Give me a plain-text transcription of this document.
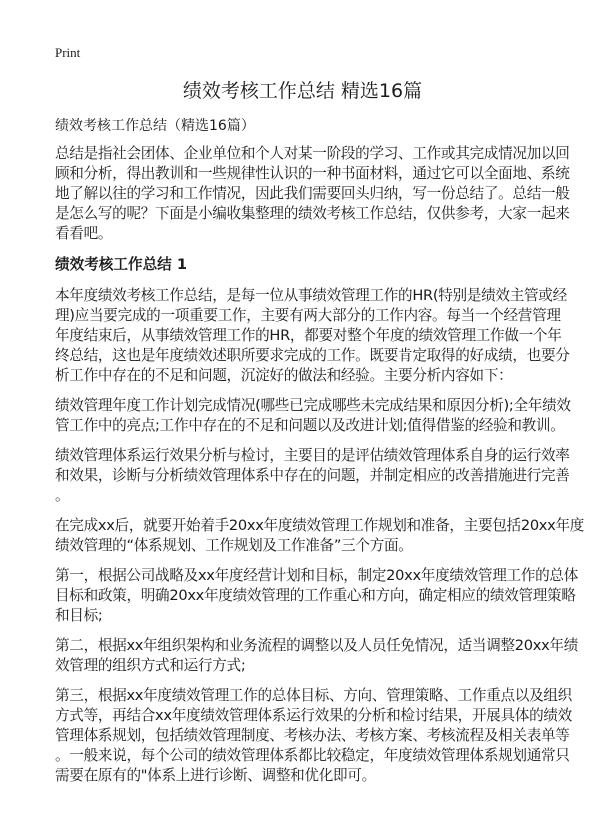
Print
绩效考核工作总结 精选16篇
绩效考核工作总结（精选16篇）

总结是指社会团体、企业单位和个人对某一阶段的学习、工作或其完成情况加以回
顾和分析，得出教训和一些规律性认识的一种书面材料，通过它可以全面地、系统
地了解以往的学习和工作情况，因此我们需要回头归纳，写一份总结了。总结一般
是怎么写的呢？下面是小编收集整理的绩效考核工作总结，仅供参考，大家一起来
看看吧。

绩效考核工作总结 1

本年度绩效考核工作总结，是每一位从事绩效管理工作的HR(特别是绩效主管或经
理)应当要完成的一项重要工作，主要有两大部分的工作内容。每当一个经营管理
年度结束后，从事绩效管理工作的HR，都要对整个年度的绩效管理工作做一个年
终总结，这也是年度绩效述职所要求完成的工作。既要肯定取得的好成绩，也要分
析工作中存在的不足和问题，沉淀好的做法和经验。主要分析内容如下：

绩效管理年度工作计划完成情况(哪些已完成哪些未完成结果和原因分析);全年绩效
管工作中的亮点;工作中存在的不足和问题以及改进计划;值得借鉴的经验和教训。

绩效管理体系运行效果分析与检讨，主要目的是评估绩效管理体系自身的运行效率
和效果，诊断与分析绩效管理体系中存在的问题，并制定相应的改善措施进行完善
。

在完成xx后，就要开始着手20xx年度绩效管理工作规划和准备，主要包括20xx年度
绩效管理的“体系规划、工作规划及工作准备”三个方面。

第一，根据公司战略及xx年度经营计划和目标，制定20xx年度绩效管理工作的总体
目标和政策，明确20xx年度绩效管理的工作重心和方向，确定相应的绩效管理策略
和目标;

第二，根据xx年组织架构和业务流程的调整以及人员任免情况，适当调整20xx年绩
效管理的组织方式和运行方式;

第三，根据xx年度绩效管理工作的总体目标、方向、管理策略、工作重点以及组织
方式等，再结合xx年度绩效管理体系运行效果的分析和检讨结果，开展具体的绩效
管理体系规划，包括绩效管理制度、考核办法、考核方案、考核流程及相关表单等
。一般来说，每个公司的绩效管理体系都比较稳定，年度绩效管理体系规划通常只
需要在原有的"体系上进行诊断、调整和优化即可。
